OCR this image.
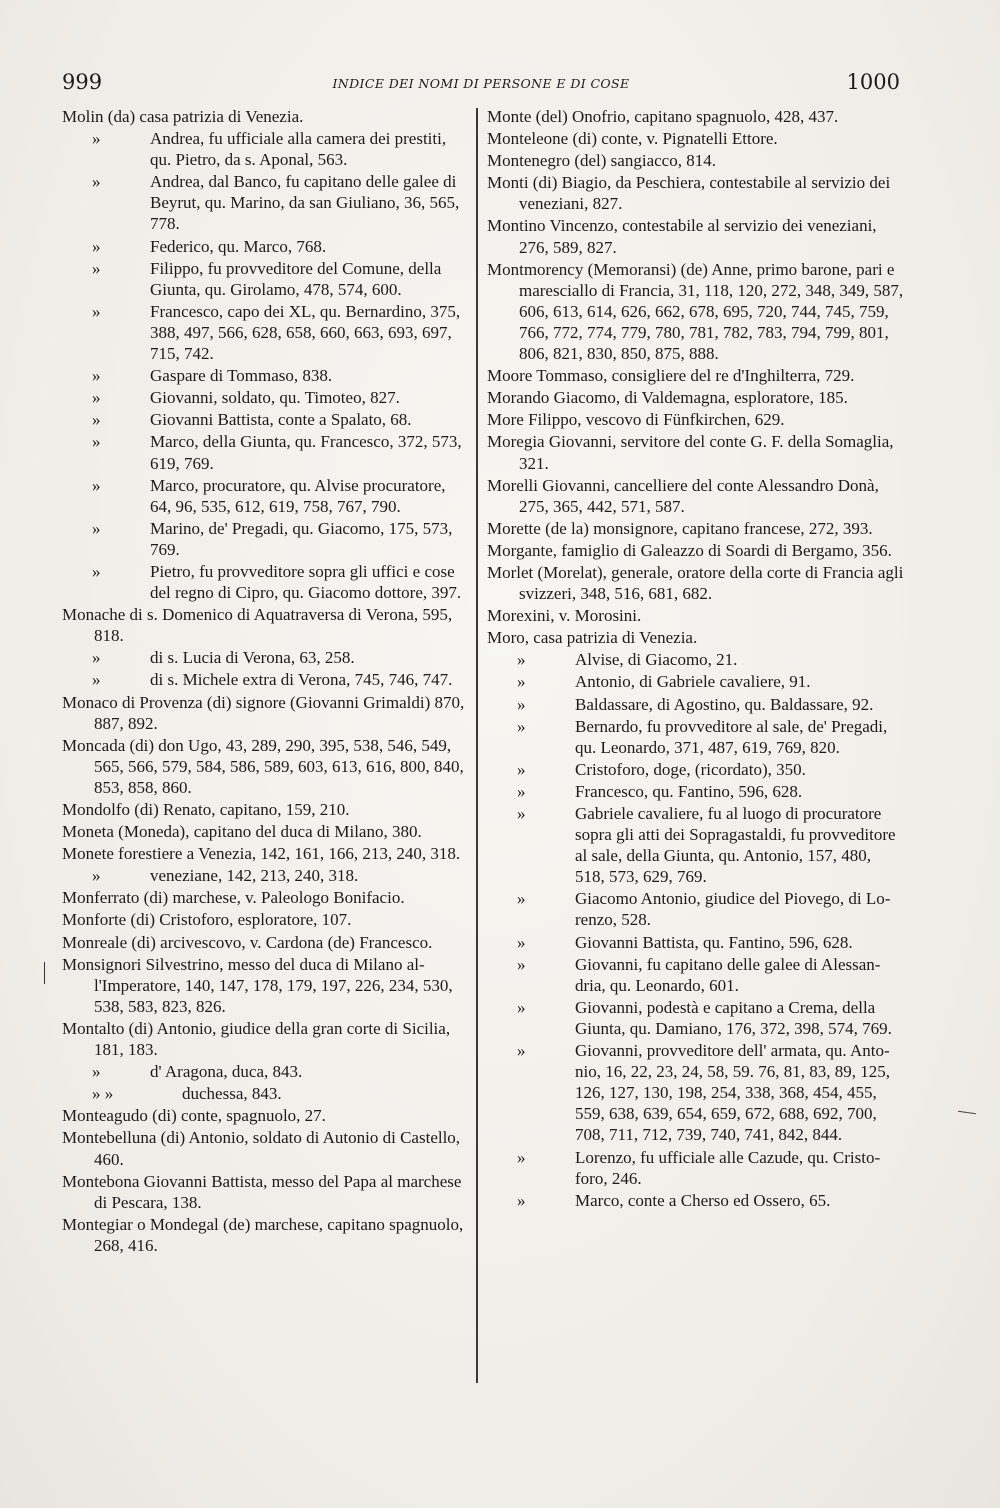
999	INDICE DEI NOMI DI PERSONE E DI COSE	1000
Molin (da) casa patrizia di Venezia.
»	Andrea, fu ufficiale alla camera dei prestiti, qu. Pietro, da s. Aponal, 563.
»	Andrea, dal Banco, fu capitano delle galee di Beyrut, qu. Marino, da san Giuliano, 36, 565, 778.
»	Federico, qu. Marco, 768.
»	Filippo, fu provveditore del Comune, della Giunta, qu. Girolamo, 478, 574, 600.
»	Francesco, capo dei XL, qu. Bernardino, 375, 388, 497, 566, 628, 658, 660, 663, 693, 697, 715, 742.
»	Gaspare di Tommaso, 838.
»	Giovanni, soldato, qu. Timoteo, 827.
»	Giovanni Battista, conte a Spalato, 68.
»	Marco, della Giunta, qu. Francesco, 372, 573, 619, 769.
»	Marco, procuratore, qu. Alvise procuratore, 64, 96, 535, 612, 619, 758, 767, 790.
»	Marino, de' Pregadi, qu. Giacomo, 175, 573, 769.
»	Pietro, fu provveditore sopra gli uffici e cose del regno di Cipro, qu. Giacomo dottore, 397.
Monache di s. Domenico di Aquatraversa di Verona, 595, 818.
»	di s. Lucia di Verona, 63, 258.
»	di s. Michele extra di Verona, 745, 746, 747.
Monaco di Provenza (di) signore (Giovanni Grimaldi) 870, 887, 892.
Moncada (di) don Ugo, 43, 289, 290, 395, 538, 546, 549, 565, 566, 579, 584, 586, 589, 603, 613, 616, 800, 840, 853, 858, 860.
Mondolfo (di) Renato, capitano, 159, 210.
Moneta (Moneda), capitano del duca di Milano, 380.
Monete forestiere a Venezia, 142, 161, 166, 213, 240, 318.
»	veneziane, 142, 213, 240, 318.
Monferrato (di) marchese, v. Paleologo Bonifacio.
Monforte (di) Cristoforo, esploratore, 107.
Monreale (di) arcivescovo, v. Cardona (de) Francesco.
Monsignori Silvestrino, messo del duca di Milano all'Imperatore, 140, 147, 178, 179, 197, 226, 234, 530, 538, 583, 823, 826.
Montalto (di) Antonio, giudice della gran corte di Sicilia, 181, 183.
»	d' Aragona, duca, 843.
» »	duchessa, 843.
Monteagudo (di) conte, spagnuolo, 27.
Montebelluna (di) Antonio, soldato di Autonio di Castello, 460.
Montebona Giovanni Battista, messo del Papa al marchese di Pescara, 138.
Montegiar o Mondegal (de) marchese, capitano spagnuolo, 268, 416.
Monte (del) Onofrio, capitano spagnuolo, 428, 437.
Monteleone (di) conte, v. Pignatelli Ettore.
Montenegro (del) sangiacco, 814.
Monti (di) Biagio, da Peschiera, contestabile al servizio dei veneziani, 827.
Montino Vincenzo, contestabile al servizio dei veneziani, 276, 589, 827.
Montmorency (Memoransi) (de) Anne, primo barone, pari e maresciallo di Francia, 31, 118, 120, 272, 348, 349, 587, 606, 613, 614, 626, 662, 678, 695, 720, 744, 745, 759, 766, 772, 774, 779, 780, 781, 782, 783, 794, 799, 801, 806, 821, 830, 850, 875, 888.
Moore Tommaso, consigliere del re d'Inghilterra, 729.
Morando Giacomo, di Valdemagna, esploratore, 185.
More Filippo, vescovo di Fünfkirchen, 629.
Moregia Giovanni, servitore del conte G. F. della Somaglia, 321.
Morelli Giovanni, cancelliere del conte Alessandro Donà, 275, 365, 442, 571, 587.
Morette (de la) monsignore, capitano francese, 272, 393.
Morgante, famiglio di Galeazzo di Soardi di Bergamo, 356.
Morlet (Morelat), generale, oratore della corte di Francia agli svizzeri, 348, 516, 681, 682.
Morexini, v. Morosini.
Moro, casa patrizia di Venezia.
»	Alvise, di Giacomo, 21.
»	Antonio, di Gabriele cavaliere, 91.
»	Baldassare, di Agostino, qu. Baldassare, 92.
»	Bernardo, fu provveditore al sale, de' Pregadi, qu. Leonardo, 371, 487, 619, 769, 820.
»	Cristoforo, doge, (ricordato), 350.
»	Francesco, qu. Fantino, 596, 628.
»	Gabriele cavaliere, fu al luogo di procuratore sopra gli atti dei Sopragastaldi, fu provveditore al sale, della Giunta, qu. Antonio, 157, 480, 518, 573, 629, 769.
»	Giacomo Antonio, giudice del Piovego, di Lorenzo, 528.
»	Giovanni Battista, qu. Fantino, 596, 628.
»	Giovanni, fu capitano delle galee di Alessandria, qu. Leonardo, 601.
»	Giovanni, podestà e capitano a Crema, della Giunta, qu. Damiano, 176, 372, 398, 574, 769.
»	Giovanni, provveditore dell' armata, qu. Antonio, 16, 22, 23, 24, 58, 59. 76, 81, 83, 89, 125, 126, 127, 130, 198, 254, 338, 368, 454, 455, 559, 638, 639, 654, 659, 672, 688, 692, 700, 708, 711, 712, 739, 740, 741, 842, 844.
»	Lorenzo, fu ufficiale alle Cazude, qu. Cristoforo, 246.
»	Marco, conte a Cherso ed Ossero, 65.
